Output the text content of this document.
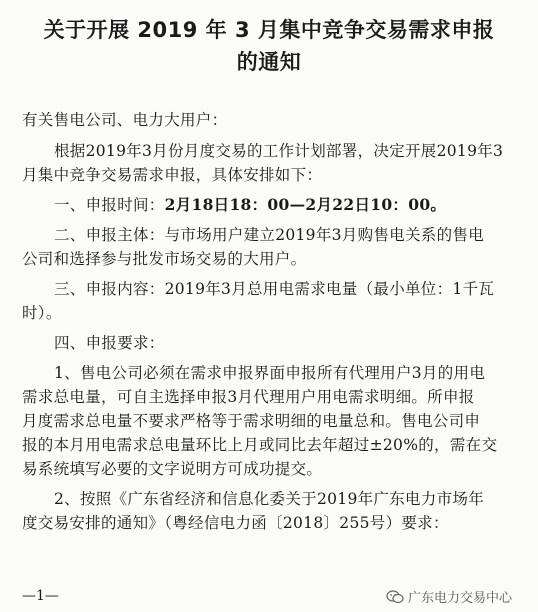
关于开展 2019 年 3 月集中竞争交易需求申报
的通知
有关售电公司、电力大用户：
根据2019年3月份月度交易的工作计划部署，决定开展2019年3
月集中竞争交易需求申报，具体安排如下：
一、申报时间：2月18日18：00—2月22日10：00。
二、申报主体：与市场用户建立2019年3月购售电关系的售电
公司和选择参与批发市场交易的大用户。
三、申报内容：2019年3月总用电需求电量（最小单位：1千瓦
时）。
四、申报要求：
1、售电公司必须在需求申报界面申报所有代理用户3月的用电
需求总电量，可自主选择申报3月代理用户用电需求明细。所申报
月度需求总电量不要求严格等于需求明细的电量总和。售电公司申
报的本月用电需求总电量环比上月或同比去年超过±20%的，需在交
易系统填写必要的文字说明方可成功提交。
2、按照《广东省经济和信息化委关于2019年广东电力市场年
度交易安排的通知》（粤经信电力函〔2018〕255号）要求：
—1—	广东电力交易中心
